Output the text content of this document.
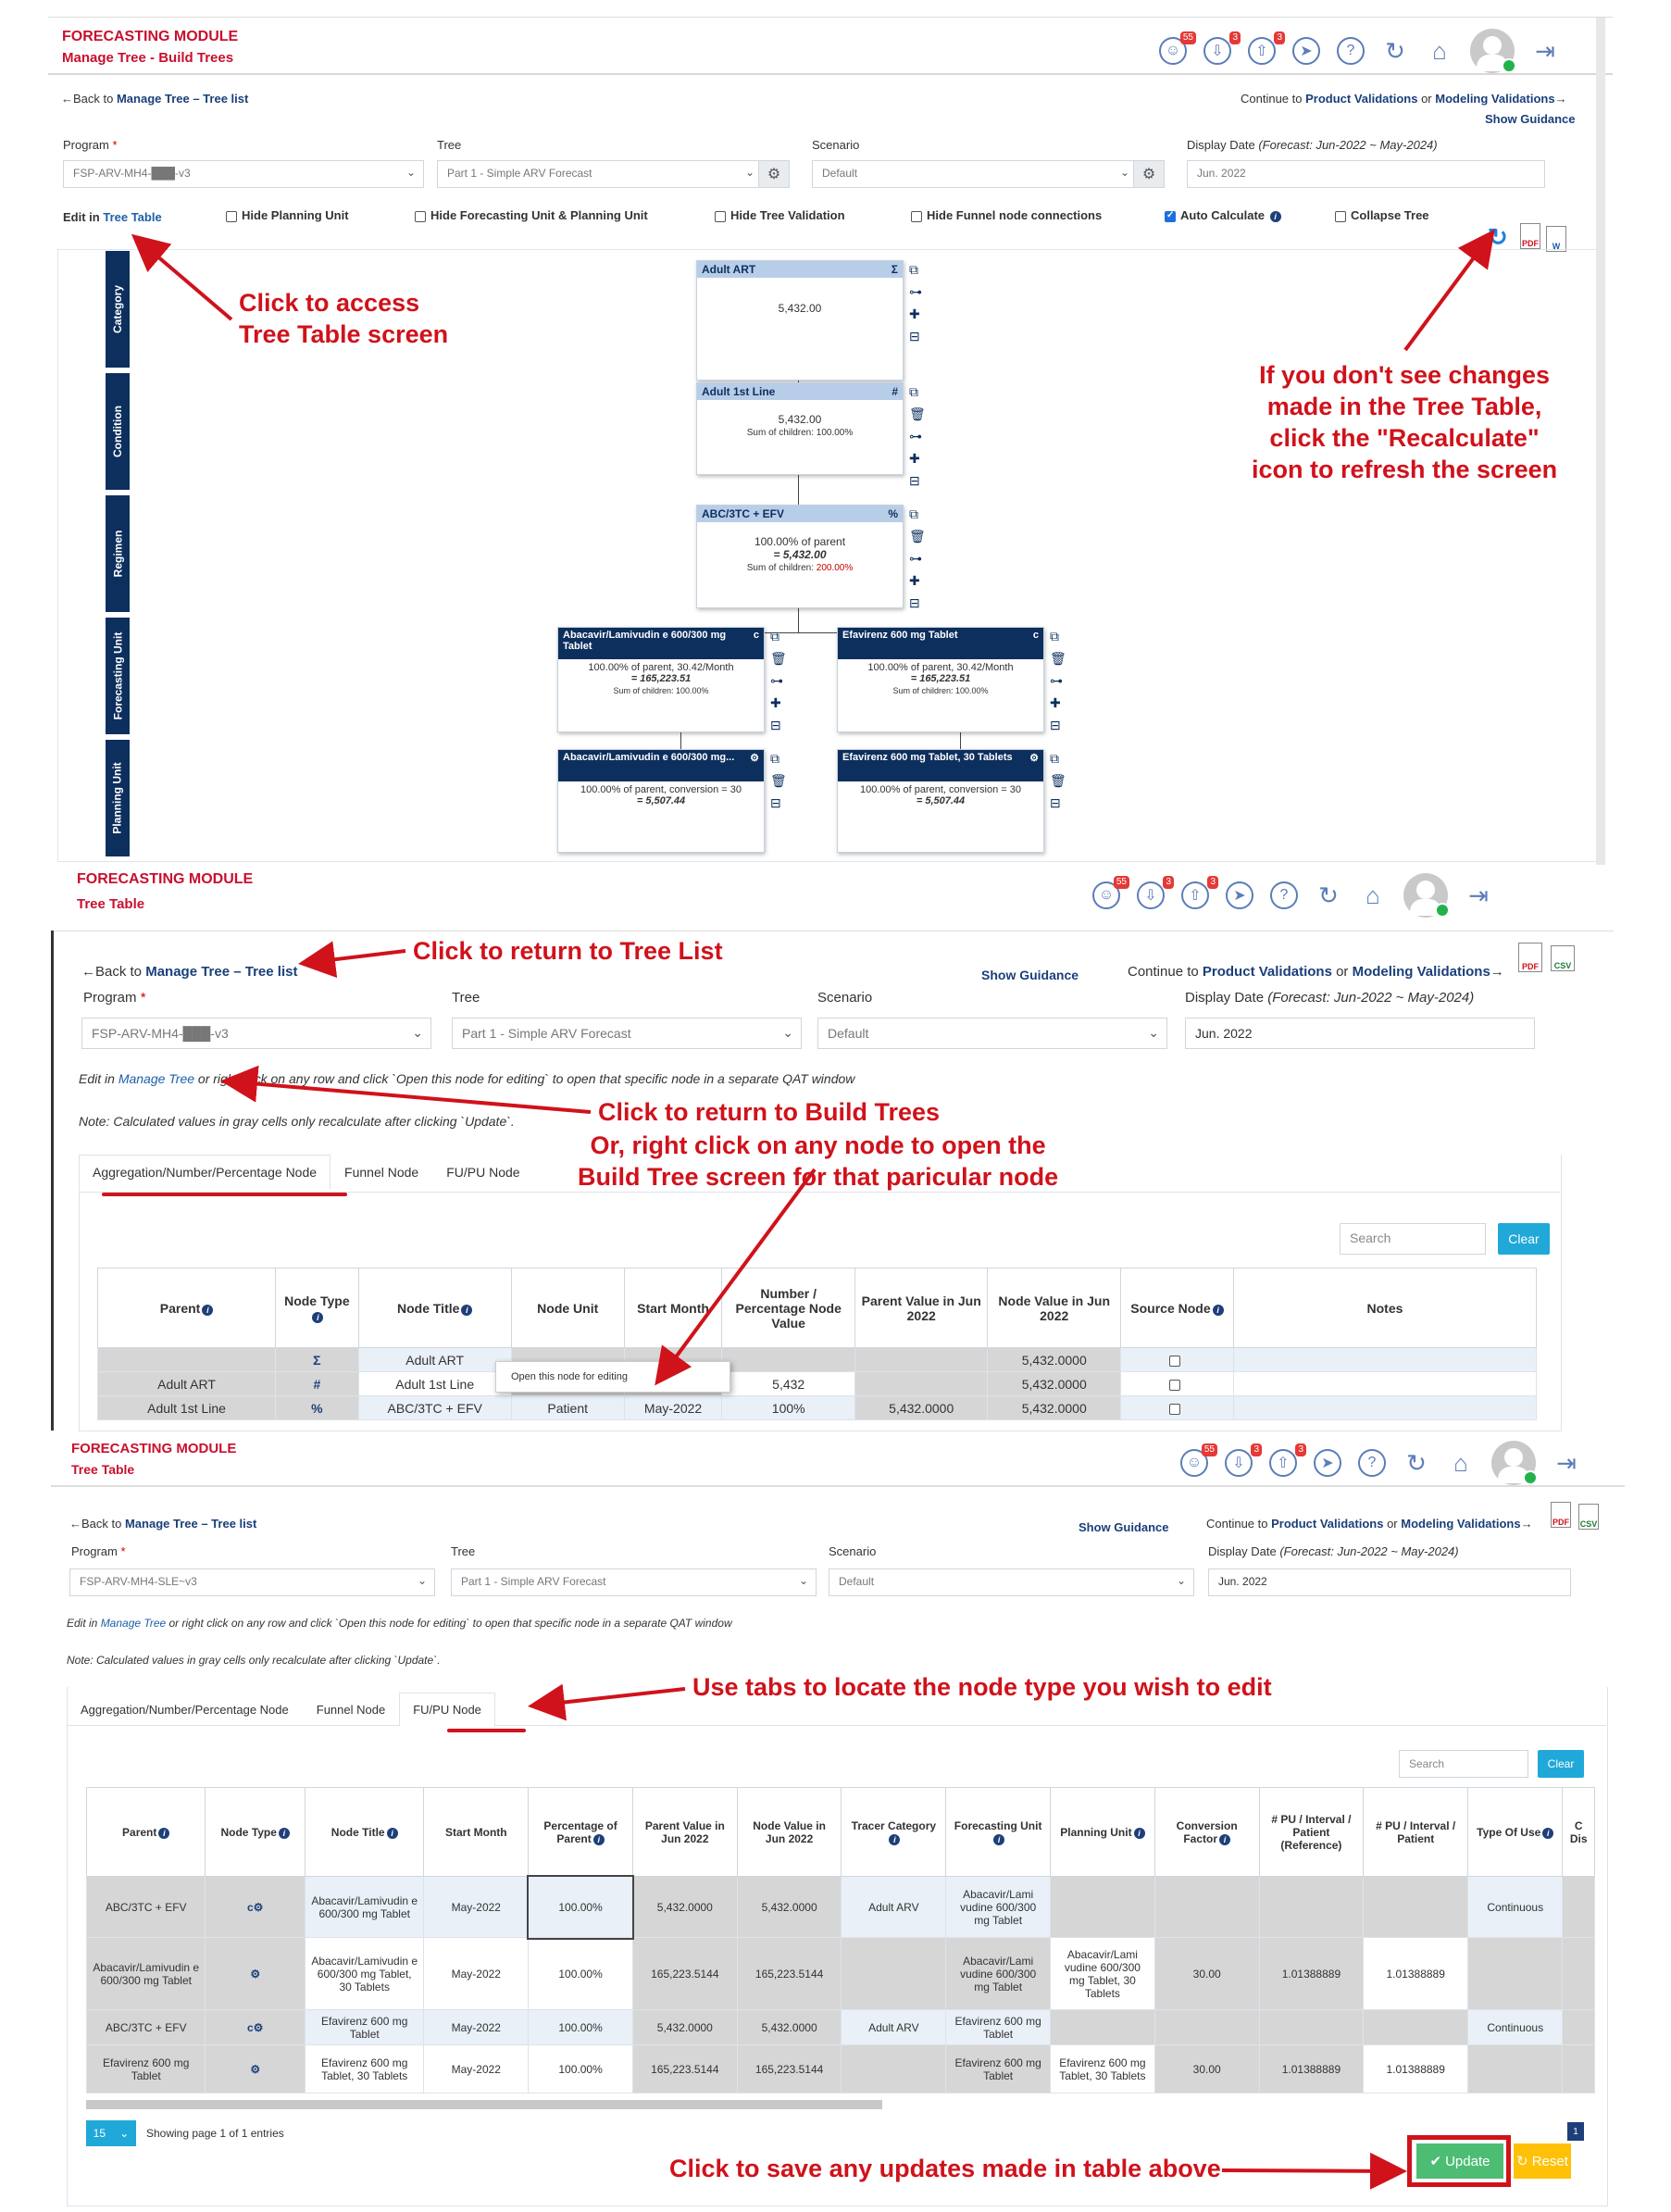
FORECASTING MODULE
Manage Tree - Build Trees	☺
55
⇩
3
⇧
3
➤	?	↻ ⌂	⇥
←Back to Manage Tree – Tree list	Continue to Product Validations or Modeling Validations→
Show Guidance
Program *	Tree	Scenario	Display Date (Forecast: Jun-2022 ~ May-2024)
FSP-ARV-MH4-███-v3	⌄	Part 1 - Simple ARV Forecast	⌄ ⚙	Default	⌄ ⚙	Jun. 2022
Edit in Tree Table	Hide Planning Unit	Hide Forecasting Unit & Planning Unit	Hide Tree Validation	Hide Funnel node connections ✓	Auto Calculate i	Collapse Tree
↻ PDF	W
Category
Condition
Regimen
Forecasting Unit
Planning Unit
Adult ART	Σ
5,432.00
⧉
⊶
✚
⊟
Adult 1st Line	#
5,432.00
Sum of children: 100.00%
⧉
🗑
⊶
✚
⊟
ABC/3TC + EFV	%
100.00% of parent
= 5,432.00
Sum of children: 200.00%
⧉
🗑
⊶
✚
⊟
Abacavir/Lamivudin e 600/300 mg Tablet
c
100.00% of parent, 30.42/Month
= 165,223.51
Sum of children: 100.00%
⧉
🗑
⊶
✚
⊟
Efavirenz 600 mg Tablet	c
100.00% of parent, 30.42/Month
= 165,223.51
Sum of children: 100.00%
⧉
🗑
⊶
✚
⊟
Abacavir/Lamivudin e 600/300 mg... ⚙
100.00% of parent, conversion = 30
= 5,507.44
⧉
🗑
⊟
Efavirenz 600 mg Tablet, 30 Tablets ⚙
100.00% of parent, conversion = 30
= 5,507.44
⧉
🗑
⊟
FORECASTING MODULE
Tree Table
☺
55
⇩
3
⇧
3
➤	?	↻ ⌂	⇥
←Back to Manage Tree – Tree list	Show Guidance	Continue to Product Validations or Modeling Validations→	PDF	CSV
Program *	Tree	Scenario	Display Date (Forecast: Jun-2022 ~ May-2024)
FSP-ARV-MH4-███-v3	⌄	Part 1 - Simple ARV Forecast	⌄	Default	⌄	Jun. 2022
Edit in Manage Tree or right click on any row and click `Open this node for editing` to open that specific node in a separate QAT window
Note: Calculated values in gray cells only recalculate after clicking `Update`.
Aggregation/Number/Percentage Node	Funnel Node	FU/PU Node
Search	Clear
Parent i	Node Typei	Node Title i	Node Unit	Start Month	Number / Percentage Node Value	Parent Value in Jun 2022	Node Value in Jun 2022	Source Node i	Notes
	Σ	Adult ART					5,432.0000		
Adult ART	#	Adult 1st Line			5,432		5,432.0000		
Adult 1st Line	%	ABC/3TC + EFV	Patient	May-2022	100%	5,432.0000	5,432.0000		
Open this node for editing
FORECASTING MODULE
Tree Table	☺
55
⇩
3
⇧
3
➤	?	↻ ⌂	⇥
←Back to Manage Tree – Tree list	Show Guidance	Continue to Product Validations or Modeling Validations→ PDF CSV
Program *	Tree	Scenario	Display Date (Forecast: Jun-2022 ~ May-2024)
FSP-ARV-MH4-SLE~v3	⌄	Part 1 - Simple ARV Forecast	⌄	Default	⌄	Jun. 2022
Edit in Manage Tree or right click on any row and click `Open this node for editing` to open that specific node in a separate QAT window
Note: Calculated values in gray cells only recalculate after clicking `Update`.
Aggregation/Number/Percentage Node	Funnel Node	FU/PU Node
Search	Clear
Parent i	Node Type i	Node Title i	Start Month	Percentage of Parent i	Parent Value in Jun 2022	Node Value in Jun 2022	Tracer Categoryi	Forecasting Uniti	Planning Unit i	Conversion Factor i	# PU / Interval / Patient (Reference)	# PU / Interval / Patient	Type Of Use i	C Dis
ABC/3TC + EFV	c⚙	Abacavir/Lamivudin e 600/300 mg Tablet	May-2022	100.00%	5,432.0000	5,432.0000	Adult ARV	Abacavir/Lami vudine 600/300 mg Tablet					Continuous	
Abacavir/Lamivudin e 600/300 mg Tablet	⚙	Abacavir/Lamivudin e 600/300 mg Tablet, 30 Tablets	May-2022	100.00%	165,223.5144	165,223.5144		Abacavir/Lami vudine 600/300 mg Tablet	Abacavir/Lami vudine 600/300 mg Tablet, 30 Tablets	30.00	1.01388889	1.01388889		
ABC/3TC + EFV	c⚙	Efavirenz 600 mg Tablet	May-2022	100.00%	5,432.0000	5,432.0000	Adult ARV	Efavirenz 600 mg Tablet					Continuous	
Efavirenz 600 mg Tablet	⚙	Efavirenz 600 mg Tablet, 30 Tablets	May-2022	100.00%	165,223.5144	165,223.5144		Efavirenz 600 mg Tablet	Efavirenz 600 mg Tablet, 30 Tablets	30.00	1.01388889	1.01388889		
15 ⌄ Showing page 1 of 1 entries	1
✔ Update ↻ Reset
Click to access
Tree Table screen
If you don't see changes
made in the Tree Table,
click the "Recalculate"
icon to refresh the screen
Click to return to Tree List
Click to return to Build Trees
Or, right click on any node to open the
Build Tree screen for that paricular node
Use tabs to locate the node type you wish to edit
Click to save any updates made in table above
